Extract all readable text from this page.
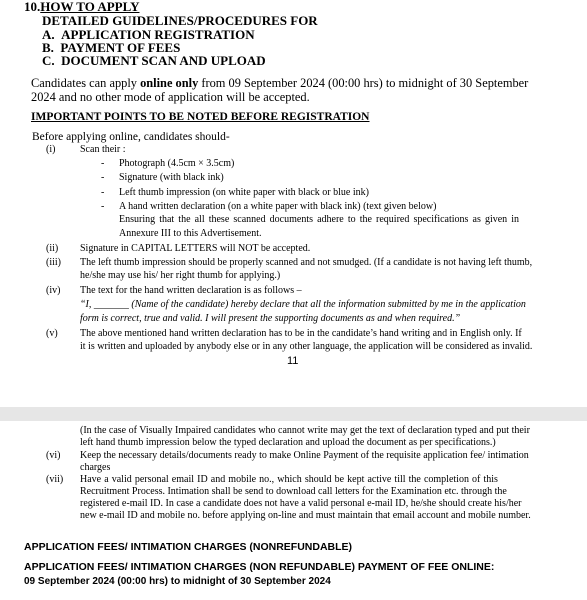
10.HOW TO APPLY
DETAILED GUIDELINES/PROCEDURES FOR
A. APPLICATION REGISTRATION
B. PAYMENT OF FEES
C. DOCUMENT SCAN AND UPLOAD
Candidates can apply online only from 09 September 2024 (00:00 hrs) to midnight of 30 September
2024 and no other mode of application will be accepted.
IMPORTANT POINTS TO BE NOTED BEFORE REGISTRATION
Before applying online, candidates should-
(i) Scan their :
- Photograph (4.5cm × 3.5cm)
- Signature (with black ink)
- Left thumb impression (on white paper with black or blue ink)
- A hand written declaration (on a white paper with black ink) (text given below)
Ensuring that the all these scanned documents adhere to the required specifications as given in
Annexure III to this Advertisement.
(ii) Signature in CAPITAL LETTERS will NOT be accepted.
(iii) The left thumb impression should be properly scanned and not smudged. (If a candidate is not having left thumb,
he/she may use his/ her right thumb for applying.)
(iv) The text for the hand written declaration is as follows –
“I, _______ (Name of the candidate) hereby declare that all the information submitted by me in the application
form is correct, true and valid. I will present the supporting documents as and when required.”
(v) The above mentioned hand written declaration has to be in the candidate’s hand writing and in English only. If
it is written and uploaded by anybody else or in any other language, the application will be considered as invalid.
11
(In the case of Visually Impaired candidates who cannot write may get the text of declaration typed and put their
left hand thumb impression below the typed declaration and upload the document as per specifications.)
(vi) Keep the necessary details/documents ready to make Online Payment of the requisite application fee/ intimation
charges
(vii) Have a valid personal email ID and mobile no., which should be kept active till the completion of this
Recruitment Process. Intimation shall be send to download call letters for the Examination etc. through the
registered e-mail ID. In case a candidate does not have a valid personal e-mail ID, he/she should create his/her
new e-mail ID and mobile no. before applying on-line and must maintain that email account and mobile number.
APPLICATION FEES/ INTIMATION CHARGES (NONREFUNDABLE)
APPLICATION FEES/ INTIMATION CHARGES (NON REFUNDABLE) PAYMENT OF FEE ONLINE:
09 September 2024 (00:00 hrs) to midnight of 30 September 2024
